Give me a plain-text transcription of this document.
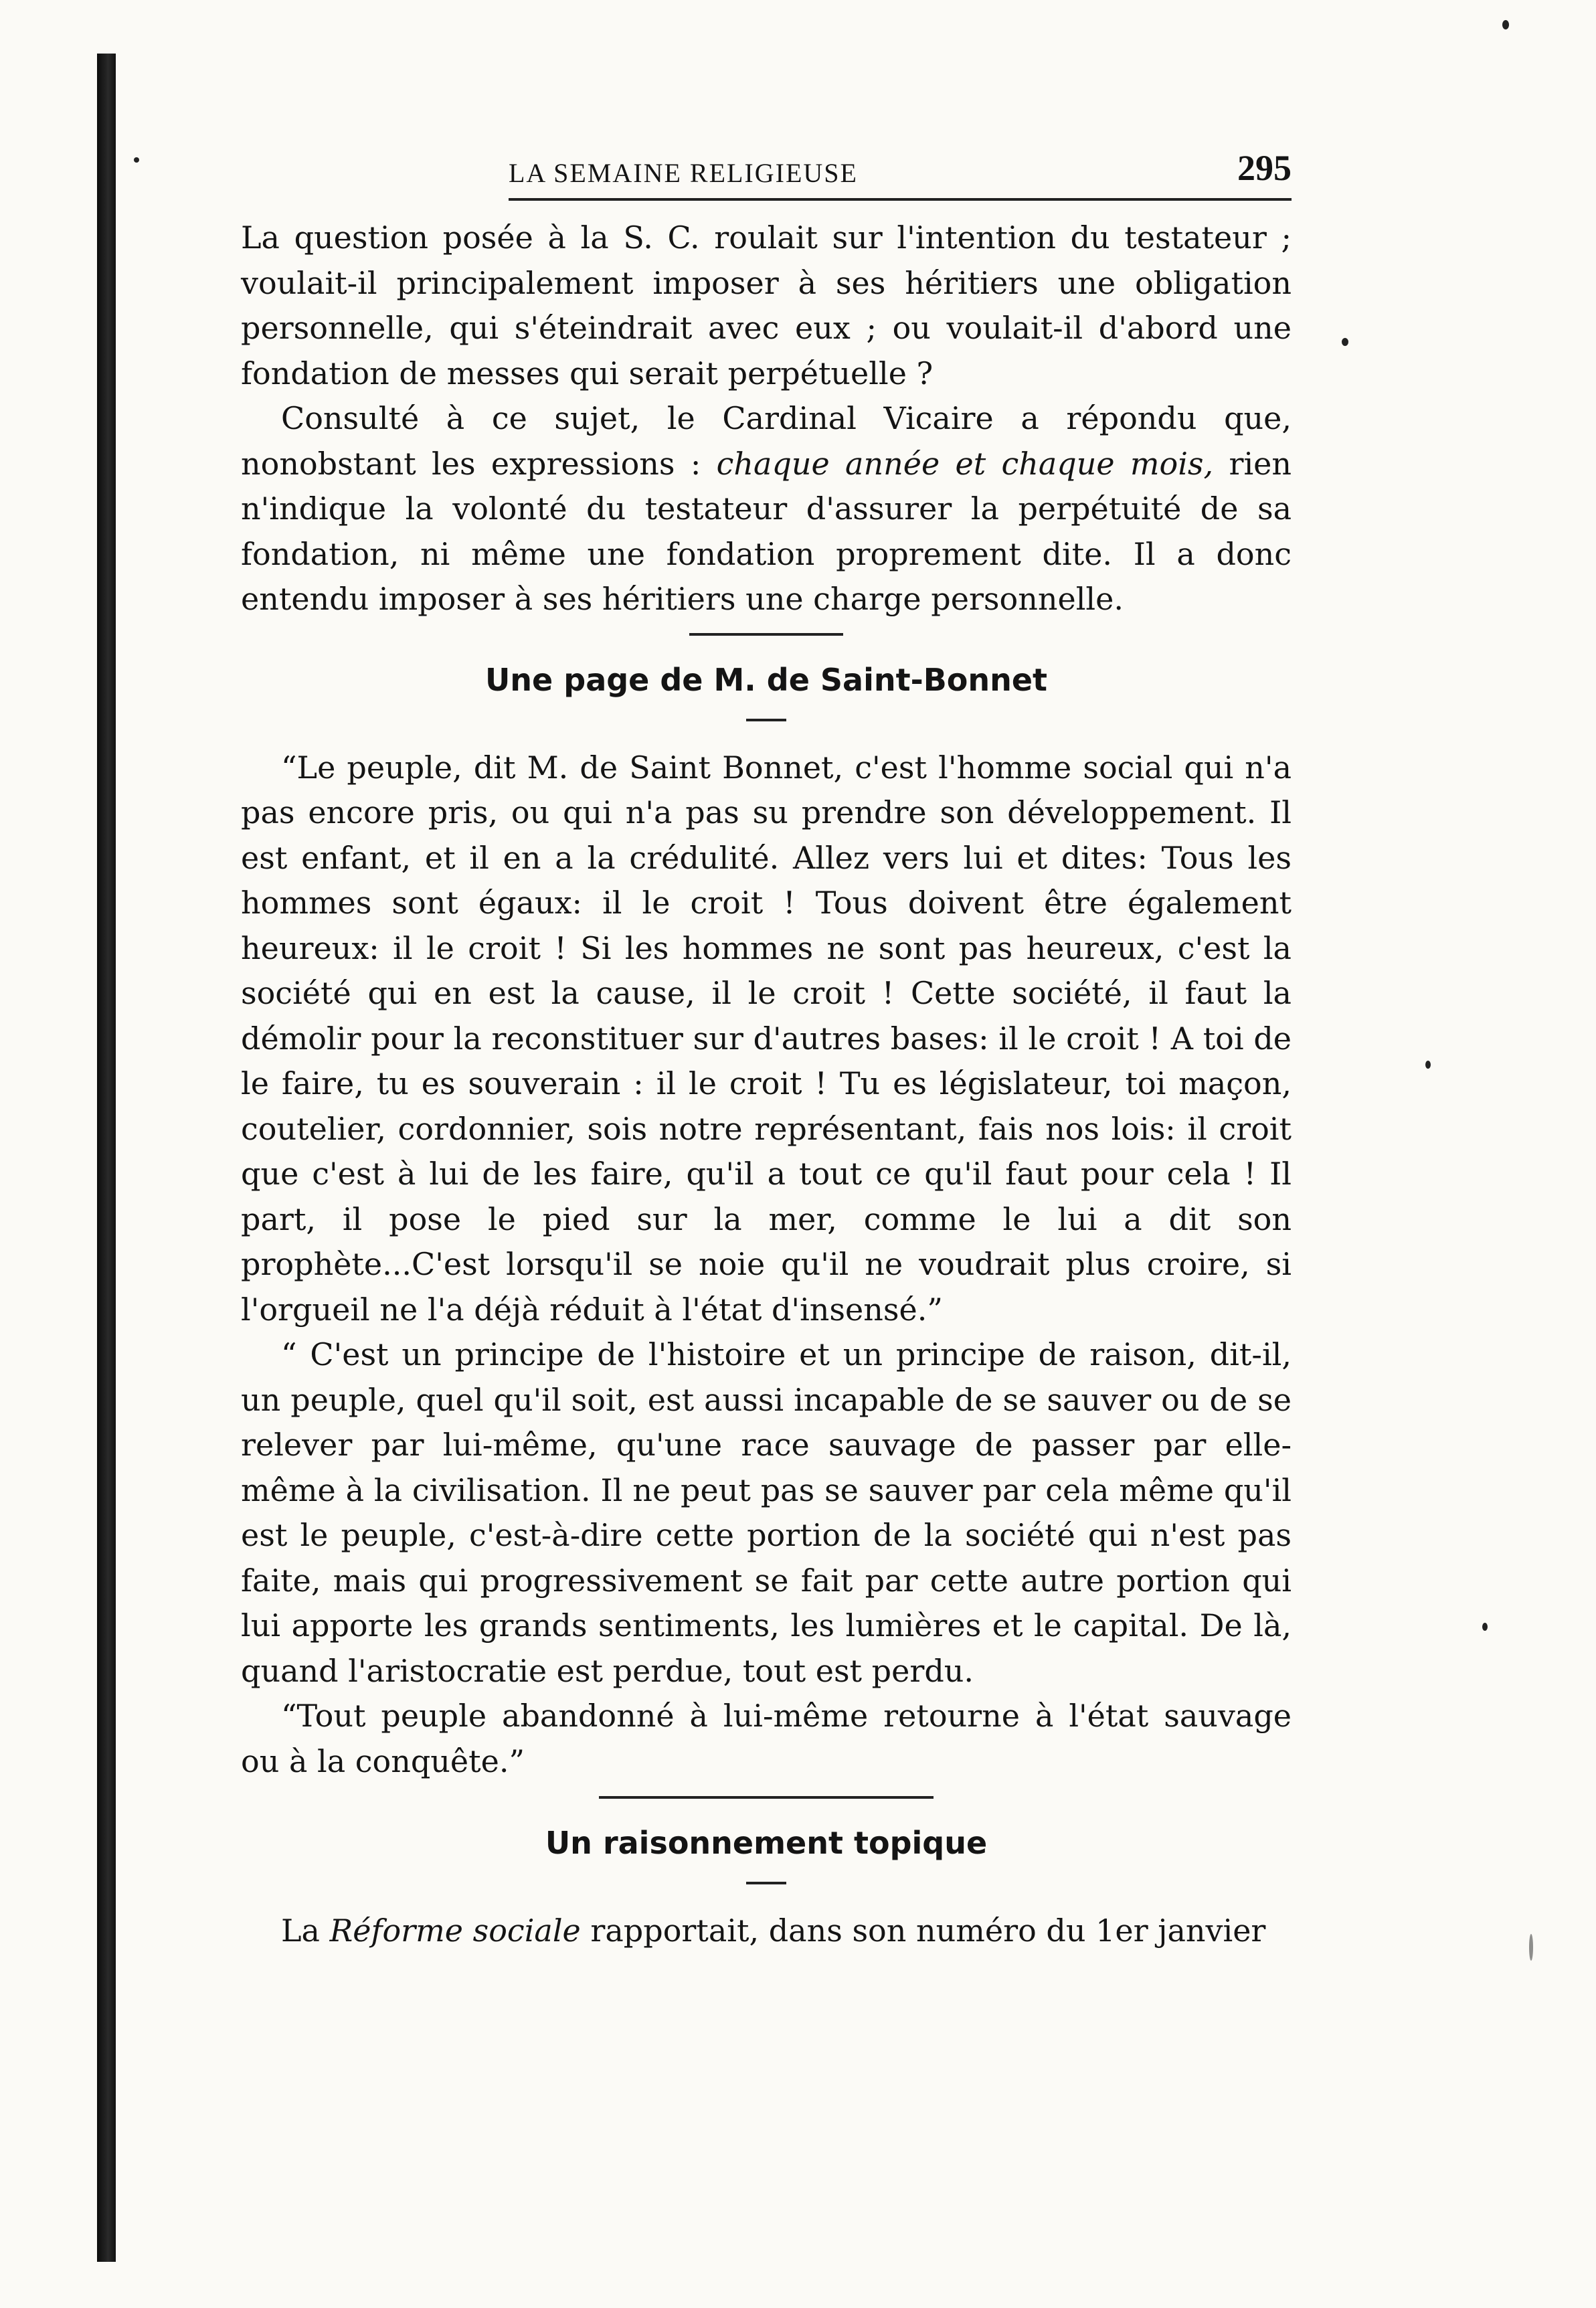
LA SEMAINE RELIGIEUSE	295

La question posée à la S. C. roulait sur l'intention du testateur ; voulait-il principalement imposer à ses héritiers une obligation personnelle, qui s'éteindrait avec eux ; ou voulait-il d'abord une fondation de messes qui serait perpétuelle ?

Consulté à ce sujet, le Cardinal Vicaire a répondu que, nonobstant les expressions : chaque année et chaque mois, rien n'indique la volonté du testateur d'assurer la perpétuité de sa fondation, ni même une fondation proprement dite. Il a donc entendu imposer à ses héritiers une charge personnelle.

Une page de M. de Saint-Bonnet

“Le peuple, dit M. de Saint Bonnet, c'est l'homme social qui n'a pas encore pris, ou qui n'a pas su prendre son développement. Il est enfant, et il en a la crédulité. Allez vers lui et dites: Tous les hommes sont égaux: il le croit ! Tous doivent être également heureux: il le croit ! Si les hommes ne sont pas heureux, c'est la société qui en est la cause, il le croit ! Cette société, il faut la démolir pour la reconstituer sur d'autres bases: il le croit ! A toi de le faire, tu es souverain : il le croit ! Tu es législateur, toi maçon, coutelier, cordonnier, sois notre représentant, fais nos lois: il croit que c'est à lui de les faire, qu'il a tout ce qu'il faut pour cela ! Il part, il pose le pied sur la mer, comme le lui a dit son prophète...C'est lorsqu'il se noie qu'il ne voudrait plus croire, si l'orgueil ne l'a déjà réduit à l'état d'insensé.”

“ C'est un principe de l'histoire et un principe de raison, dit-il, un peuple, quel qu'il soit, est aussi incapable de se sauver ou de se relever par lui-même, qu'une race sauvage de passer par elle-même à la civilisation. Il ne peut pas se sauver par cela même qu'il est le peuple, c'est-à-dire cette portion de la société qui n'est pas faite, mais qui progressivement se fait par cette autre portion qui lui apporte les grands sentiments, les lumières et le capital. De là, quand l'aristocratie est perdue, tout est perdu.

“Tout peuple abandonné à lui-même retourne à l'état sauvage ou à la conquête.”

Un raisonnement topique

La Réforme sociale rapportait, dans son numéro du 1er janvier
